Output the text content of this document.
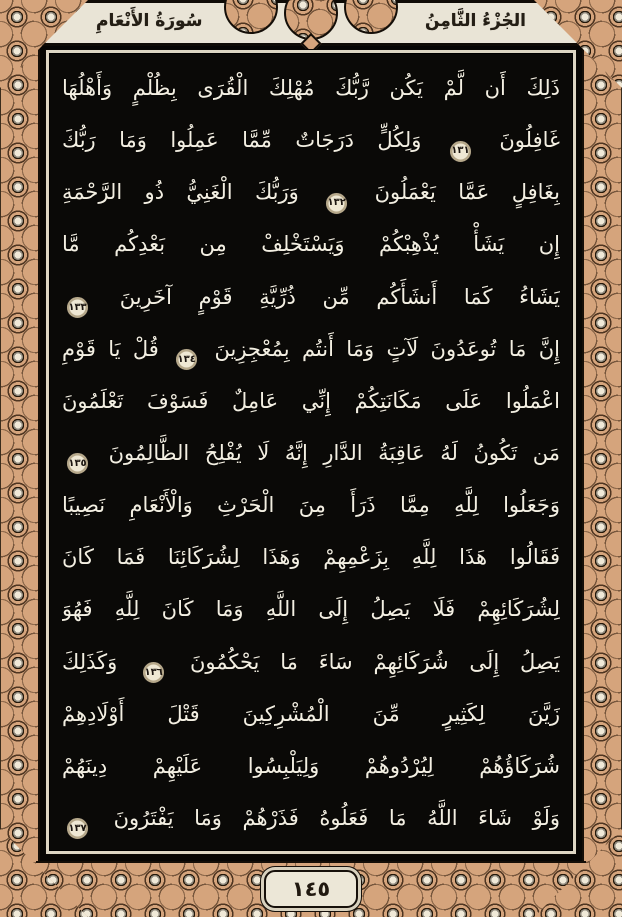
الجُزْءُ الثَّامِنُ
سُورَةُ الأَنْعَامِ
ذَلِكَ أَن لَّمْ يَكُن رَّبُّكَ مُهْلِكَ الْقُرَى بِظُلْمٍ وَأَهْلُهَا
غَافِلُونَ ١٣١ وَلِكُلٍّ دَرَجَاتٌ مِّمَّا عَمِلُوا وَمَا رَبُّكَ
بِغَافِلٍ عَمَّا يَعْمَلُونَ ١٣٢ وَرَبُّكَ الْغَنِيُّ ذُو الرَّحْمَةِ
إِن يَشَأْ يُذْهِبْكُمْ وَيَسْتَخْلِفْ مِن بَعْدِكُم مَّا
يَشَاءُ كَمَا أَنشَأَكُم مِّن ذُرِّيَّةِ قَوْمٍ آخَرِينَ ١٣٣
إِنَّ مَا تُوعَدُونَ لَآتٍ وَمَا أَنتُم بِمُعْجِزِينَ ١٣٤ قُلْ يَا قَوْمِ
اعْمَلُوا عَلَى مَكَانَتِكُمْ إِنِّي عَامِلٌ فَسَوْفَ تَعْلَمُونَ
مَن تَكُونُ لَهُ عَاقِبَةُ الدَّارِ إِنَّهُ لَا يُفْلِحُ الظَّالِمُونَ ١٣٥
وَجَعَلُوا لِلَّهِ مِمَّا ذَرَأَ مِنَ الْحَرْثِ وَالْأَنْعَامِ نَصِيبًا
فَقَالُوا هَذَا لِلَّهِ بِزَعْمِهِمْ وَهَذَا لِشُرَكَائِنَا فَمَا كَانَ
لِشُرَكَائِهِمْ فَلَا يَصِلُ إِلَى اللَّهِ وَمَا كَانَ لِلَّهِ فَهُوَ
يَصِلُ إِلَى شُرَكَائِهِمْ سَاءَ مَا يَحْكُمُونَ ١٣٦ وَكَذَلِكَ
زَيَّنَ لِكَثِيرٍ مِّنَ الْمُشْرِكِينَ قَتْلَ أَوْلَادِهِمْ
شُرَكَاؤُهُمْ لِيُرْدُوهُمْ وَلِيَلْبِسُوا عَلَيْهِمْ دِينَهُمْ
وَلَوْ شَاءَ اللَّهُ مَا فَعَلُوهُ فَذَرْهُمْ وَمَا يَفْتَرُونَ ١٣٧
١٤٥
